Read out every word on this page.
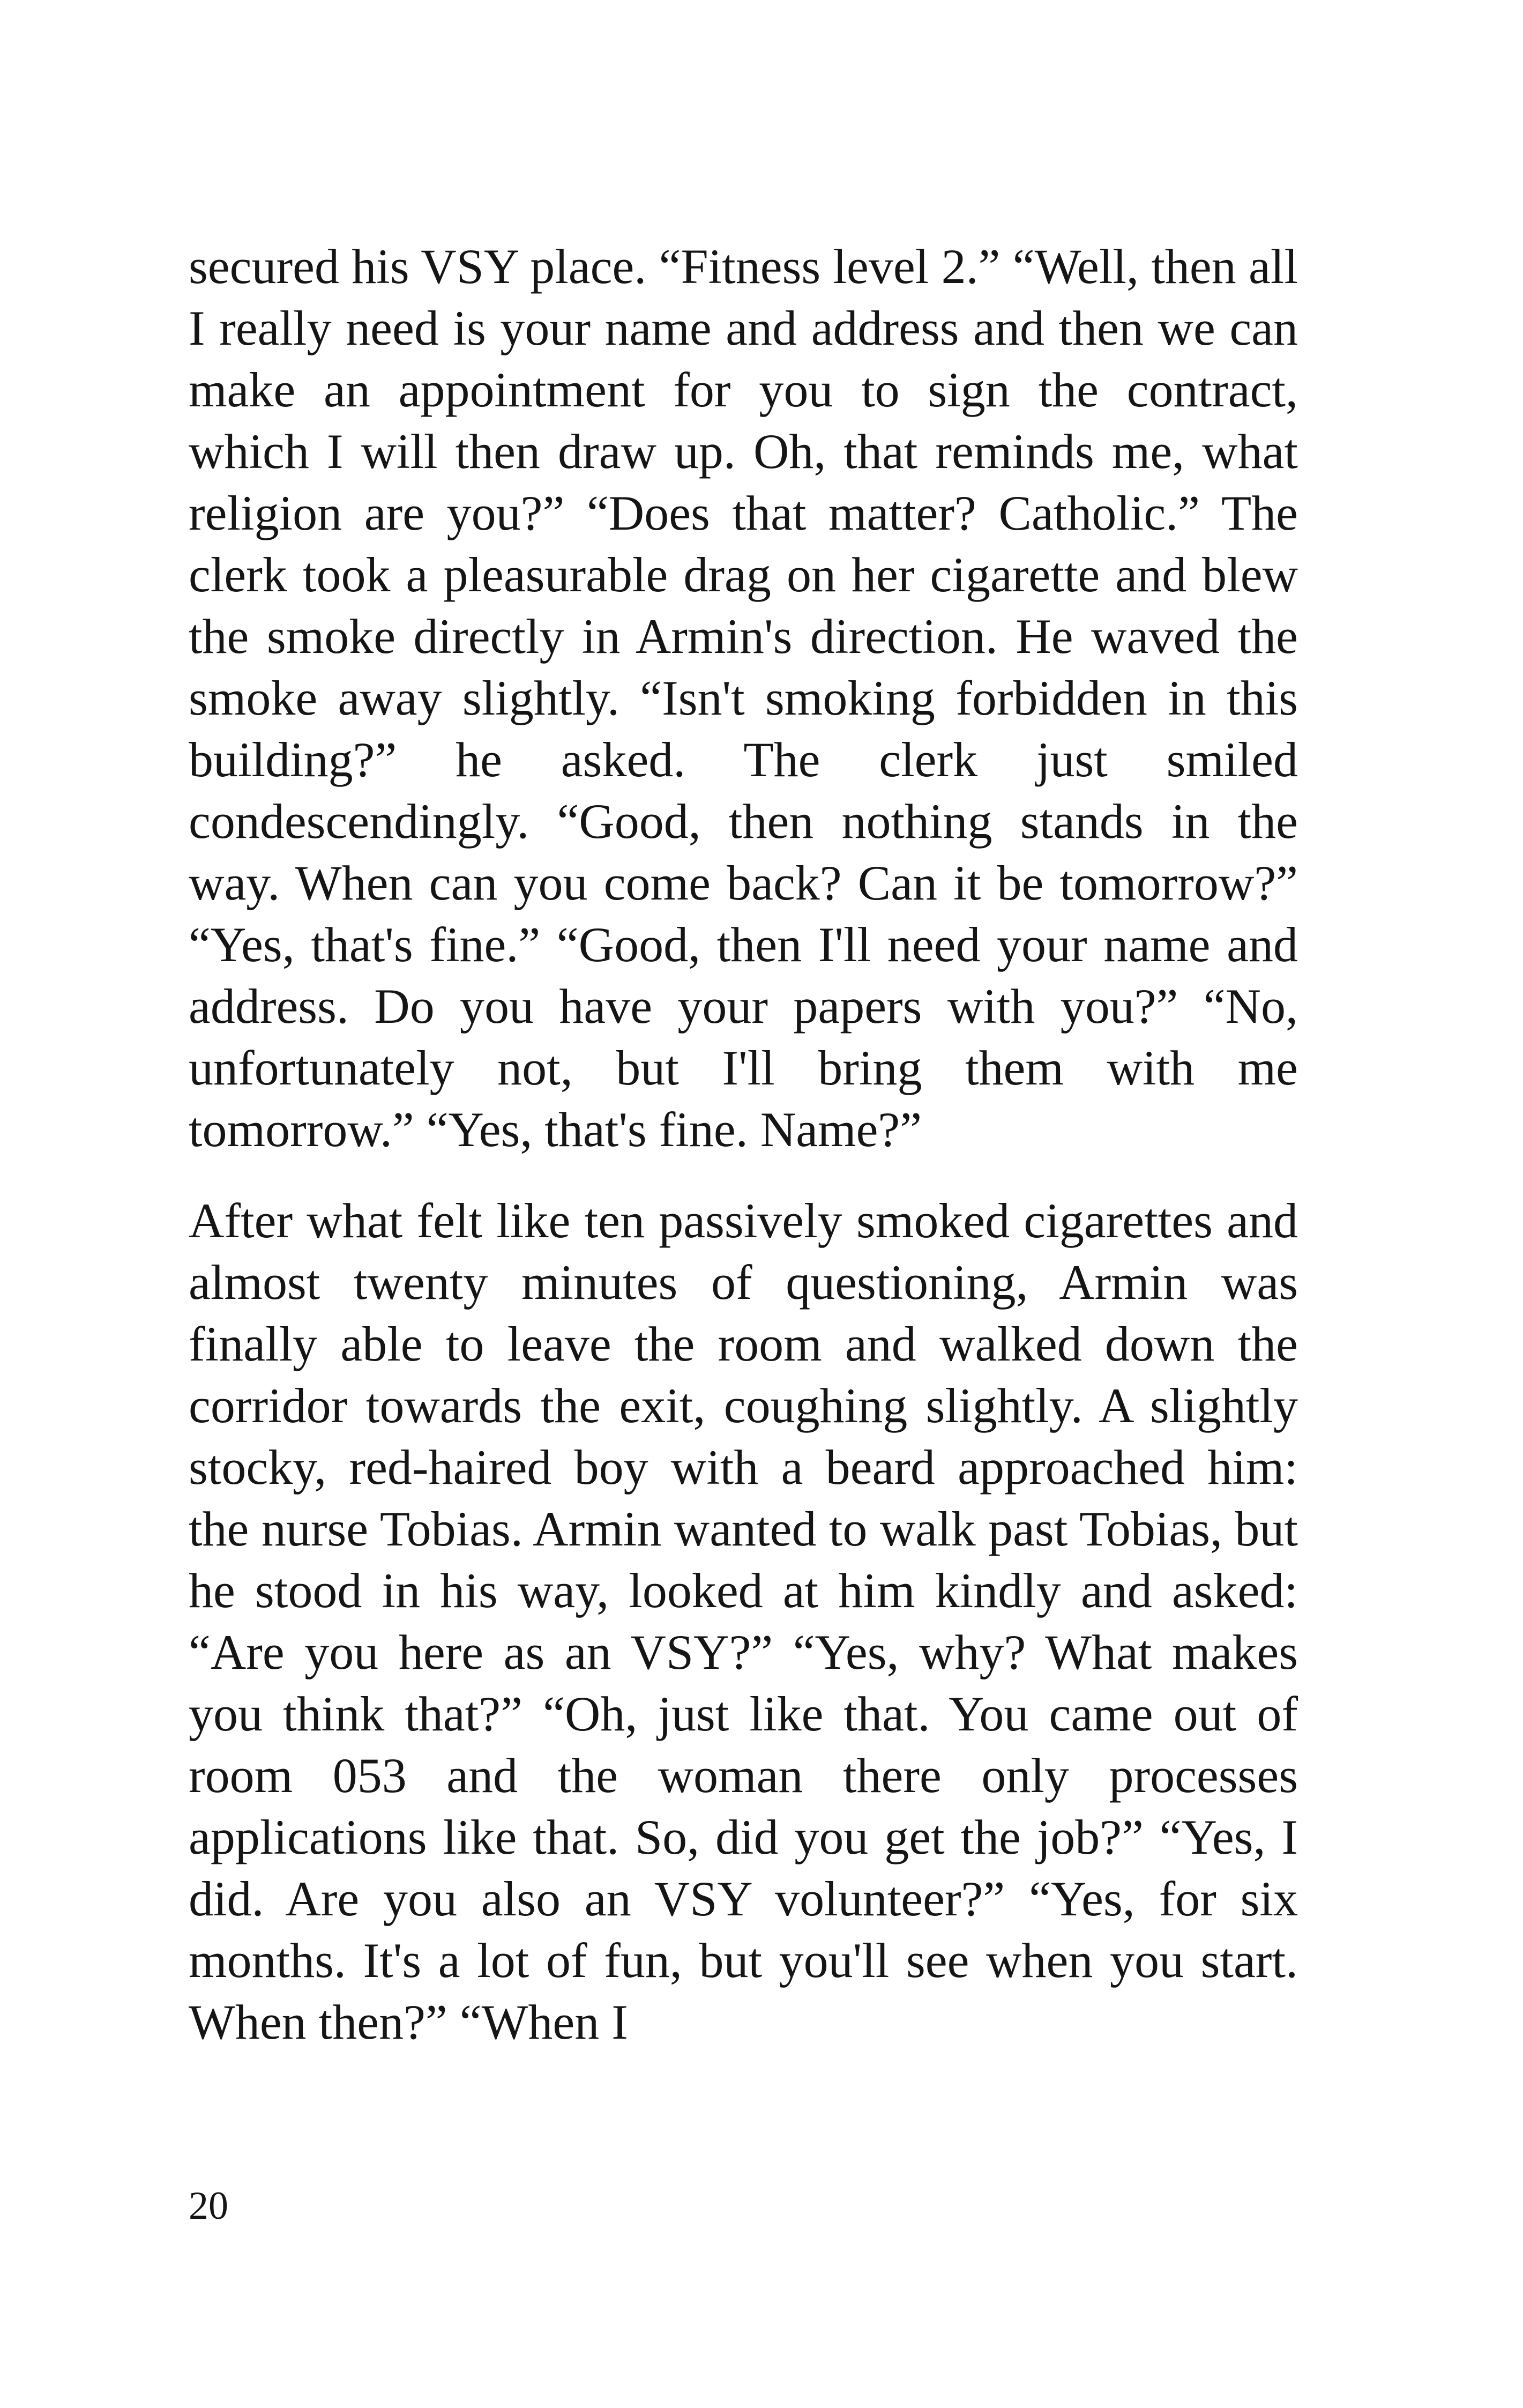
secured his VSY place. “Fitness level 2.” “Well, then all I really need is your name and address and then we can make an appointment for you to sign the contract, which I will then draw up. Oh, that reminds me, what religion are you?” “Does that matter? Catholic.” The clerk took a pleasurable drag on her cigarette and blew the smoke directly in Armin's direction. He waved the smoke away slightly. “Isn't smoking forbidden in this building?” he asked. The clerk just smiled condescendingly. “Good, then nothing stands in the way. When can you come back? Can it be tomorrow?” “Yes, that's fine.” “Good, then I'll need your name and address. Do you have your papers with you?” “No, unfortunately not, but I'll bring them with me tomorrow.” “Yes, that's fine. Name?”

After what felt like ten passively smoked cigarettes and almost twenty minutes of questioning, Armin was finally able to leave the room and walked down the corridor towards the exit, coughing slightly. A slightly stocky, red-haired boy with a beard approached him: the nurse Tobias. Armin wanted to walk past Tobias, but he stood in his way, looked at him kindly and asked: “Are you here as an VSY?” “Yes, why? What makes you think that?” “Oh, just like that. You came out of room 053 and the woman there only processes applications like that. So, did you get the job?” “Yes, I did. Are you also an VSY volunteer?” “Yes, for six months. It's a lot of fun, but you'll see when you start. When then?” “When I

20
